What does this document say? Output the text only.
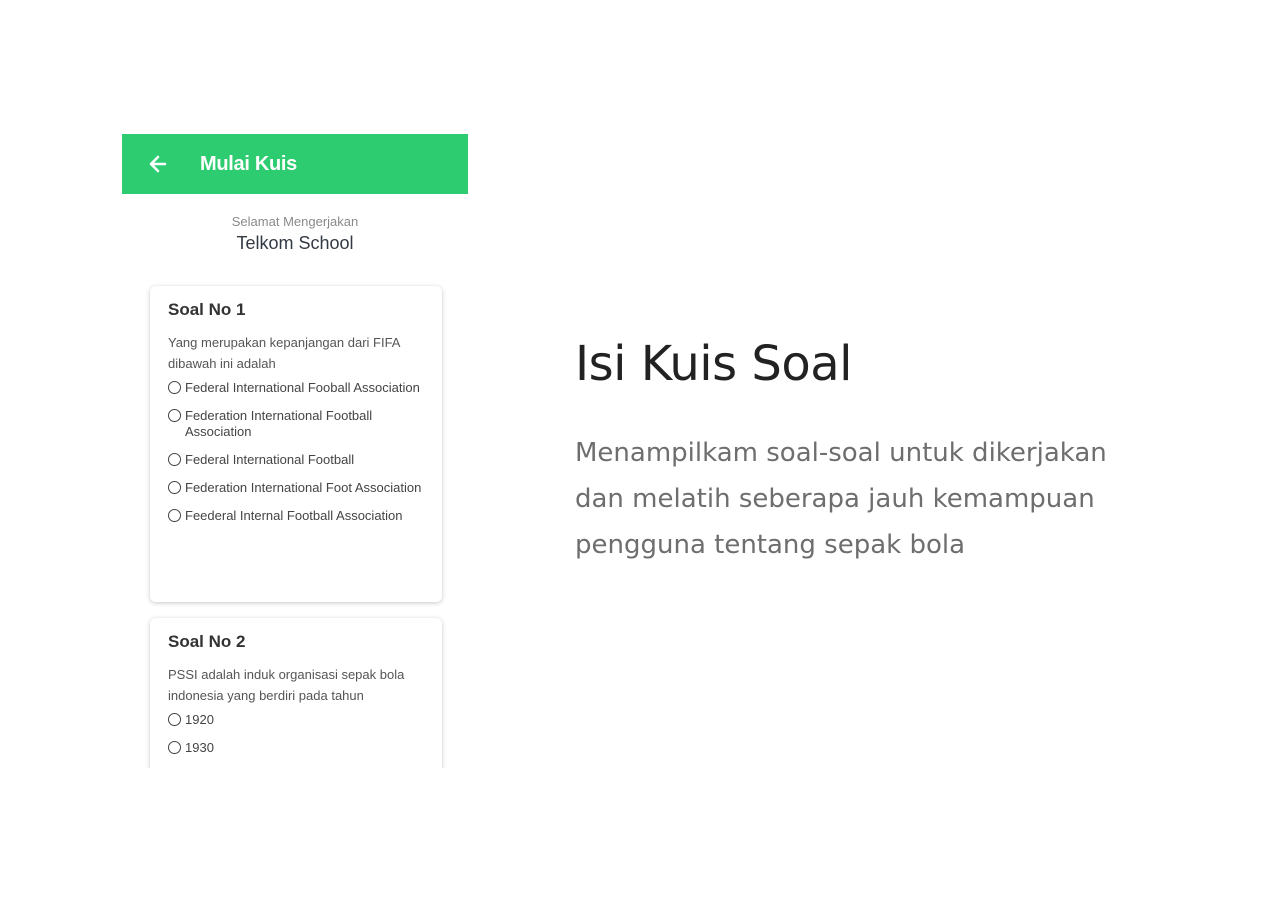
Mulai Kuis
Selamat Mengerjakan
Telkom School
Soal No 1
Yang merupakan kepanjangan dari FIFA dibawah ini adalah
Federal International Fooball Association
Federation International Football Association
Federal International Football
Federation International Foot Association
Feederal Internal Football Association
Soal No 2
PSSI adalah induk organisasi sepak bola indonesia yang berdiri pada tahun
1920
1930
Isi Kuis Soal

Menampilkam soal-soal untuk dikerjakan dan melatih seberapa jauh kemampuan pengguna tentang sepak bola
